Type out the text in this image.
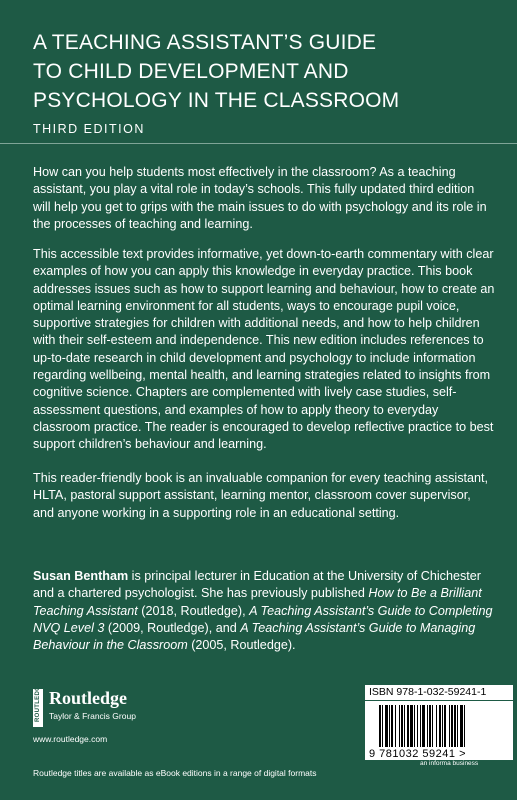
A TEACHING ASSISTANT’S GUIDE
TO CHILD DEVELOPMENT AND
PSYCHOLOGY IN THE CLASSROOM
THIRD EDITION

How can you help students most effectively in the classroom? As a teaching assistant, you play a vital role in today’s schools. This fully updated third edition will help you get to grips with the main issues to do with psychology and its role in the processes of teaching and learning.

This accessible text provides informative, yet down-to-earth commentary with clear examples of how you can apply this knowledge in everyday practice. This book addresses issues such as how to support learning and behaviour, how to create an optimal learning environment for all students, ways to encourage pupil voice, supportive strategies for children with additional needs, and how to help children with their self-esteem and independence. This new edition includes references to up-to-date research in child development and psychology to include information regarding wellbeing, mental health, and learning strategies related to insights from cognitive science. Chapters are complemented with lively case studies, self-assessment questions, and examples of how to apply theory to everyday classroom practice. The reader is encouraged to develop reflective practice to best support children’s behaviour and learning.

This reader-friendly book is an invaluable companion for every teaching assistant, HLTA, pastoral support assistant, learning mentor, classroom cover supervisor, and anyone working in a supporting role in an educational setting.

Susan Bentham is principal lecturer in Education at the University of Chichester and a chartered psychologist. She has previously published How to Be a Brilliant Teaching Assistant (2018, Routledge), A Teaching Assistant’s Guide to Completing NVQ Level 3 (2009, Routledge), and A Teaching Assistant’s Guide to Managing Behaviour in the Classroom (2005, Routledge).

ROUTLEDGE Routledge
Taylor & Francis Group
www.routledge.com
Routledge titles are available as eBook editions in a range of digital formats
ISBN 978-1-032-59241-1
9 781032 59241 >
an informa business
